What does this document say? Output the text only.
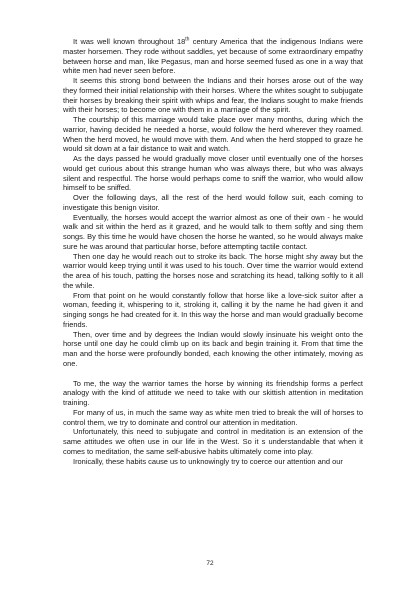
It was well known throughout 18th century America that the indigenous Indians were master horsemen. They rode without saddles, yet because of some extraordinary empathy between horse and man, like Pegasus, man and horse seemed fused as one in a way that white men had never seen before.

It seems this strong bond between the Indians and their horses arose out of the way they formed their initial relationship with their horses. Where the whites sought to subjugate their horses by breaking their spirit with whips and fear, the Indians sought to make friends with their horses; to become one with them in a marriage of the spirit.

The courtship of this marriage would take place over many months, during which the warrior, having decided he needed a horse, would follow the herd wherever they roamed. When the herd moved, he would move with them. And when the herd stopped to graze he would sit down at a fair distance to wait and watch.

As the days passed he would gradually move closer until eventually one of the horses would get curious about this strange human who was always there, but who was always silent and respectful. The horse would perhaps come to sniff the warrior, who would allow himself to be sniffed.

Over the following days, all the rest of the herd would follow suit, each coming to investigate this benign visitor.

Eventually, the horses would accept the warrior almost as one of their own - he would walk and sit within the herd as it grazed, and he would talk to them softly and sing them songs. By this time he would have chosen the horse he wanted, so he would always make sure he was around that particular horse, before attempting tactile contact.

Then one day he would reach out to stroke its back. The horse might shy away but the warrior would keep trying until it was used to his touch. Over time the warrior would extend the area of his touch, patting the horses nose and scratching its head, talking softly to it all the while.

From that point on he would constantly follow that horse like a love-sick suitor after a woman, feeding it, whispering to it, stroking it, calling it by the name he had given it and singing songs he had created for it. In this way the horse and man would gradually become friends.

Then, over time and by degrees the Indian would slowly insinuate his weight onto the horse until one day he could climb up on its back and begin training it. From that time the man and the horse were profoundly bonded, each knowing the other intimately, moving as one.

To me, the way the warrior tames the horse by winning its friendship forms a perfect analogy with the kind of attitude we need to take with our skittish attention in meditation training.

For many of us, in much the same way as white men tried to break the will of horses to control them, we try to dominate and control our attention in meditation.

Unfortunately, this need to subjugate and control in meditation is an extension of the same attitudes we often use in our life in the West. So it s understandable that when it comes to meditation, the same self-abusive habits ultimately come into play.

Ironically, these habits cause us to unknowingly try to coerce our attention and our

72
